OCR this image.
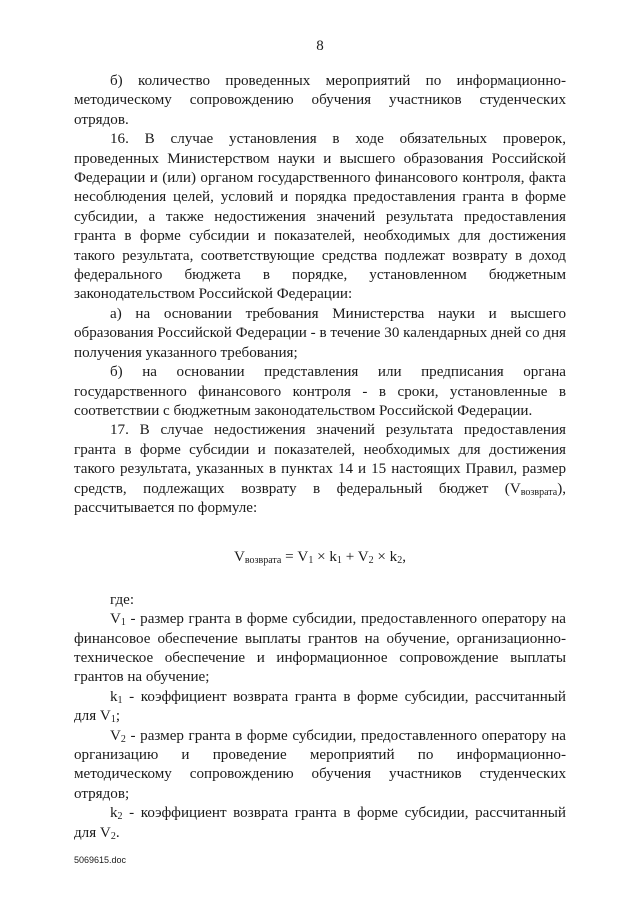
8

б) количество проведенных мероприятий по информационно-методическому сопровождению обучения участников студенческих отрядов.

16. В случае установления в ходе обязательных проверок, проведенных Министерством науки и высшего образования Российской Федерации и (или) органом государственного финансового контроля, факта несоблюдения целей, условий и порядка предоставления гранта в форме субсидии, а также недостижения значений результата предоставления гранта в форме субсидии и показателей, необходимых для достижения такого результата, соответствующие средства подлежат возврату в доход федерального бюджета в порядке, установленном бюджетным законодательством Российской Федерации:

а) на основании требования Министерства науки и высшего образования Российской Федерации - в течение 30 календарных дней со дня получения указанного требования;

б) на основании представления или предписания органа государственного финансового контроля - в сроки, установленные в соответствии с бюджетным законодательством Российской Федерации.

17. В случае недостижения значений результата предоставления гранта в форме субсидии и показателей, необходимых для достижения такого результата, указанных в пунктах 14 и 15 настоящих Правил, размер средств, подлежащих возврату в федеральный бюджет $(V_{возврата})$, рассчитывается по формуле:

$V_{возврата} = V_1 \times k_1 + V_2 \times k_2$,

где:

$V_1$ - размер гранта в форме субсидии, предоставленного оператору на финансовое обеспечение выплаты грантов на обучение, организационно-техническое обеспечение и информационное сопровождение выплаты грантов на обучение;

$k_1$ - коэффициент возврата гранта в форме субсидии, рассчитанный для $V_1$;

$V_2$ - размер гранта в форме субсидии, предоставленного оператору на организацию и проведение мероприятий по информационно-методическому сопровождению обучения участников студенческих отрядов;

$k_2$ - коэффициент возврата гранта в форме субсидии, рассчитанный для $V_2$.

5069615.doc
